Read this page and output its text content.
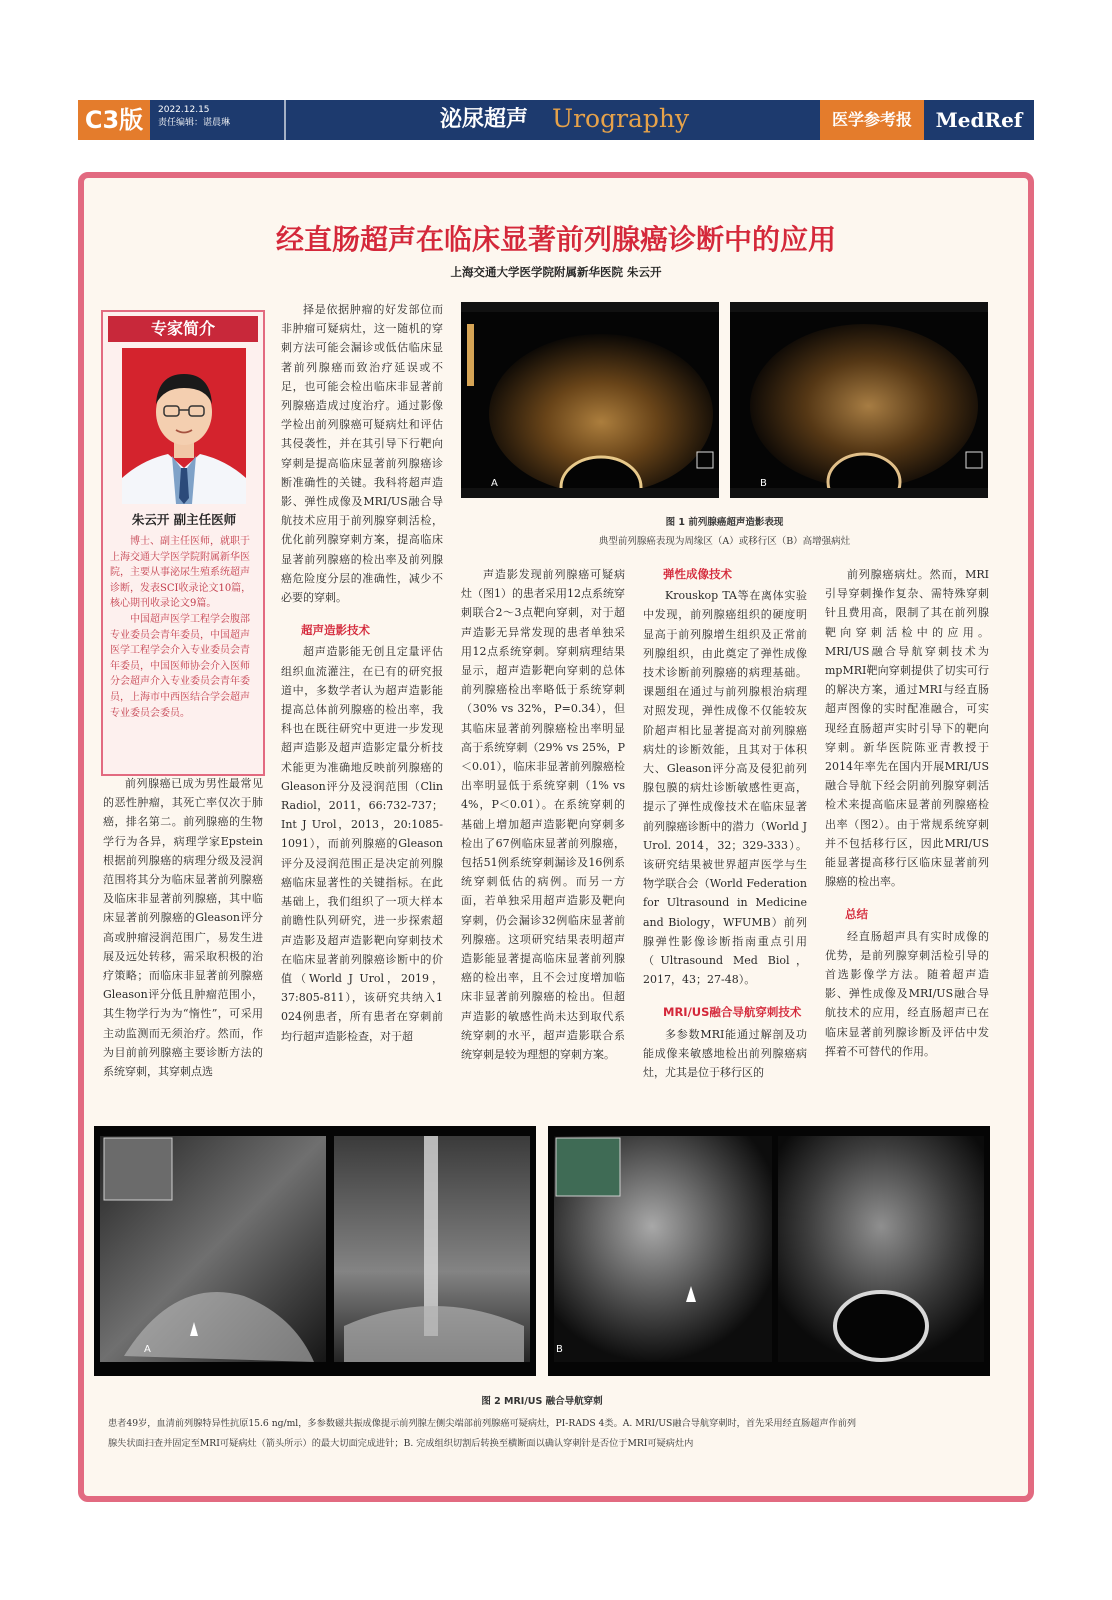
C3版	2022.12.15
责任编辑：谌晨琳	泌尿超声 Urography	医学参考报	MedRef
经直肠超声在临床显著前列腺癌诊断中的应用
上海交通大学医学院附属新华医院 朱云开
专家简介
朱云开 副主任医师

博士、副主任医师，就职于上海交通大学医学院附属新华医院，主要从事泌尿生殖系统超声诊断，发表SCI收录论文10篇，核心期刊收录论文9篇。

中国超声医学工程学会腹部专业委员会青年委员，中国超声医学工程学会介入专业委员会青年委员，中国医师协会介入医师分会超声介入专业委员会青年委员，上海市中西医结合学会超声专业委员会委员。

前列腺癌已成为男性最常见的恶性肿瘤，其死亡率仅次于肺癌，排名第二。前列腺癌的生物学行为各异，病理学家Epstein根据前列腺癌的病理分级及浸润范围将其分为临床显著前列腺癌及临床非显著前列腺癌，其中临床显著前列腺癌的Gleason评分高或肿瘤浸润范围广，易发生进展及远处转移，需采取积极的治疗策略；而临床非显著前列腺癌Gleason评分低且肿瘤范围小，其生物学行为为“惰性”，可采用主动监测而无须治疗。然而，作为目前前列腺癌主要诊断方法的系统穿刺，其穿刺点选

择是依据肿瘤的好发部位而非肿瘤可疑病灶，这一随机的穿刺方法可能会漏诊或低估临床显著前列腺癌而致治疗延误或不足，也可能会检出临床非显著前列腺癌造成过度治疗。通过影像学检出前列腺癌可疑病灶和评估其侵袭性，并在其引导下行靶向穿刺是提高临床显著前列腺癌诊断准确性的关键。我科将超声造影、弹性成像及MRI/US融合导航技术应用于前列腺穿刺活检，优化前列腺穿刺方案，提高临床显著前列腺癌的检出率及前列腺癌危险度分层的准确性，减少不必要的穿刺。

超声造影技术

超声造影能无创且定量评估组织血流灌注，在已有的研究报道中，多数学者认为超声造影能提高总体前列腺癌的检出率，我科也在既往研究中更进一步发现超声造影及超声造影定量分析技术能更为准确地反映前列腺癌的Gleason评分及浸润范围（Clin Radiol，2011，66:732-737；Int J Urol，2013，20:1085-1091），而前列腺癌的Gleason评分及浸润范围正是决定前列腺癌临床显著性的关键指标。在此基础上，我们组织了一项大样本前瞻性队列研究，进一步探索超声造影及超声造影靶向穿刺技术在临床显著前列腺癌诊断中的价值（World J Urol，2019，37:805-811），该研究共纳入1 024例患者，所有患者在穿刺前均行超声造影检查，对于超

A	B
图 1 前列腺癌超声造影表现
典型前列腺癌表现为周缘区（A）或移行区（B）高增强病灶

声造影发现前列腺癌可疑病灶（图1）的患者采用12点系统穿刺联合2～3点靶向穿刺，对于超声造影无异常发现的患者单独采用12点系统穿刺。穿刺病理结果显示，超声造影靶向穿刺的总体前列腺癌检出率略低于系统穿刺（30% vs 32%，P=0.34），但其临床显著前列腺癌检出率明显高于系统穿刺（29% vs 25%，P＜0.01），临床非显著前列腺癌检出率明显低于系统穿刺（1% vs 4%，P＜0.01）。在系统穿刺的基础上增加超声造影靶向穿刺多检出了67例临床显著前列腺癌，包括51例系统穿刺漏诊及16例系统穿刺低估的病例。而另一方面，若单独采用超声造影及靶向穿刺，仍会漏诊32例临床显著前列腺癌。这项研究结果表明超声造影能显著提高临床显著前列腺癌的检出率，且不会过度增加临床非显著前列腺癌的检出。但超声造影的敏感性尚未达到取代系统穿刺的水平，超声造影联合系统穿刺是较为理想的穿刺方案。

弹性成像技术

Krouskop TA等在离体实验中发现，前列腺癌组织的硬度明显高于前列腺增生组织及正常前列腺组织，由此奠定了弹性成像技术诊断前列腺癌的病理基础。课题组在通过与前列腺根治病理对照发现，弹性成像不仅能较灰阶超声相比显著提高对前列腺癌病灶的诊断效能，且其对于体积大、Gleason评分高及侵犯前列腺包膜的病灶诊断敏感性更高，提示了弹性成像技术在临床显著前列腺癌诊断中的潜力（World J Urol. 2014，32；329-333）。该研究结果被世界超声医学与生物学联合会（World Federation for Ultrasound in Medicine and Biology，WFUMB）前列腺弹性影像诊断指南重点引用（Ultrasound Med Biol，2017，43；27-48）。

MRI/US融合导航穿刺技术

多参数MRI能通过解剖及功能成像来敏感地检出前列腺癌病灶，尤其是位于移行区的

前列腺癌病灶。然而，MRI引导穿刺操作复杂、需特殊穿刺针且费用高，限制了其在前列腺靶向穿刺活检中的应用。MRI/US融合导航穿刺技术为mpMRI靶向穿刺提供了切实可行的解决方案，通过MRI与经直肠超声图像的实时配准融合，可实现经直肠超声实时引导下的靶向穿刺。新华医院陈亚青教授于2014年率先在国内开展MRI/US融合导航下经会阴前列腺穿刺活检术来提高临床显著前列腺癌检出率（图2）。由于常规系统穿刺并不包括移行区，因此MRI/US能显著提高移行区临床显著前列腺癌的检出率。

总结

经直肠超声具有实时成像的优势，是前列腺穿刺活检引导的首选影像学方法。随着超声造影、弹性成像及MRI/US融合导航技术的应用，经直肠超声已在临床显著前列腺诊断及评估中发挥着不可替代的作用。

A	B
图 2 MRI/US 融合导航穿刺
患者49岁，血清前列腺特异性抗原15.6 ng/ml，多参数磁共振成像提示前列腺左侧尖端部前列腺癌可疑病灶，PI-RADS 4类。A. MRI/US融合导航穿刺时，首先采用经直肠超声作前列
腺失状面扫查并固定至MRI可疑病灶（箭头所示）的最大切面完成进针；B. 完成组织切割后转换至横断面以确认穿刺针是否位于MRI可疑病灶内
